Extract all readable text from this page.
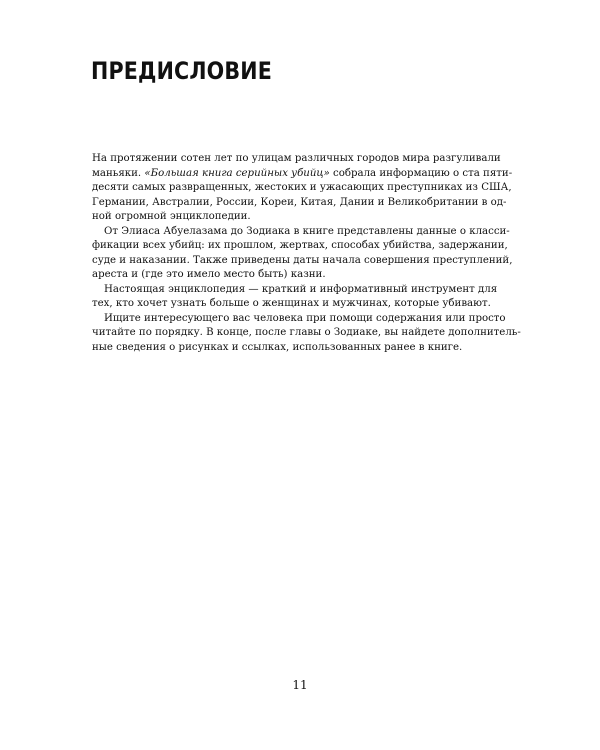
ПРЕДИСЛОВИЕ

На протяжении сотен лет по улицам различных городов мира разгуливали
маньяки. «Большая книга серийных убийц» собрала информацию о ста пяти-
десяти самых развращенных, жестоких и ужасающих преступниках из США,
Германии, Австралии, России, Кореи, Китая, Дании и Великобритании в од-
ной огромной энциклопедии.

От Элиаса Абуелазама до Зодиака в книге представлены данные о класси-
фикации всех убийц: их прошлом, жертвах, способах убийства, задержании,
суде и наказании. Также приведены даты начала совершения преступлений,
ареста и (где это имело место быть) казни.

Настоящая энциклопедия — краткий и информативный инструмент для
тех, кто хочет узнать больше о женщинах и мужчинах, которые убивают.

Ищите интересующего вас человека при помощи содержания или просто
читайте по порядку. В конце, после главы о Зодиаке, вы найдете дополнитель-
ные сведения о рисунках и ссылках, использованных ранее в книге.

11
